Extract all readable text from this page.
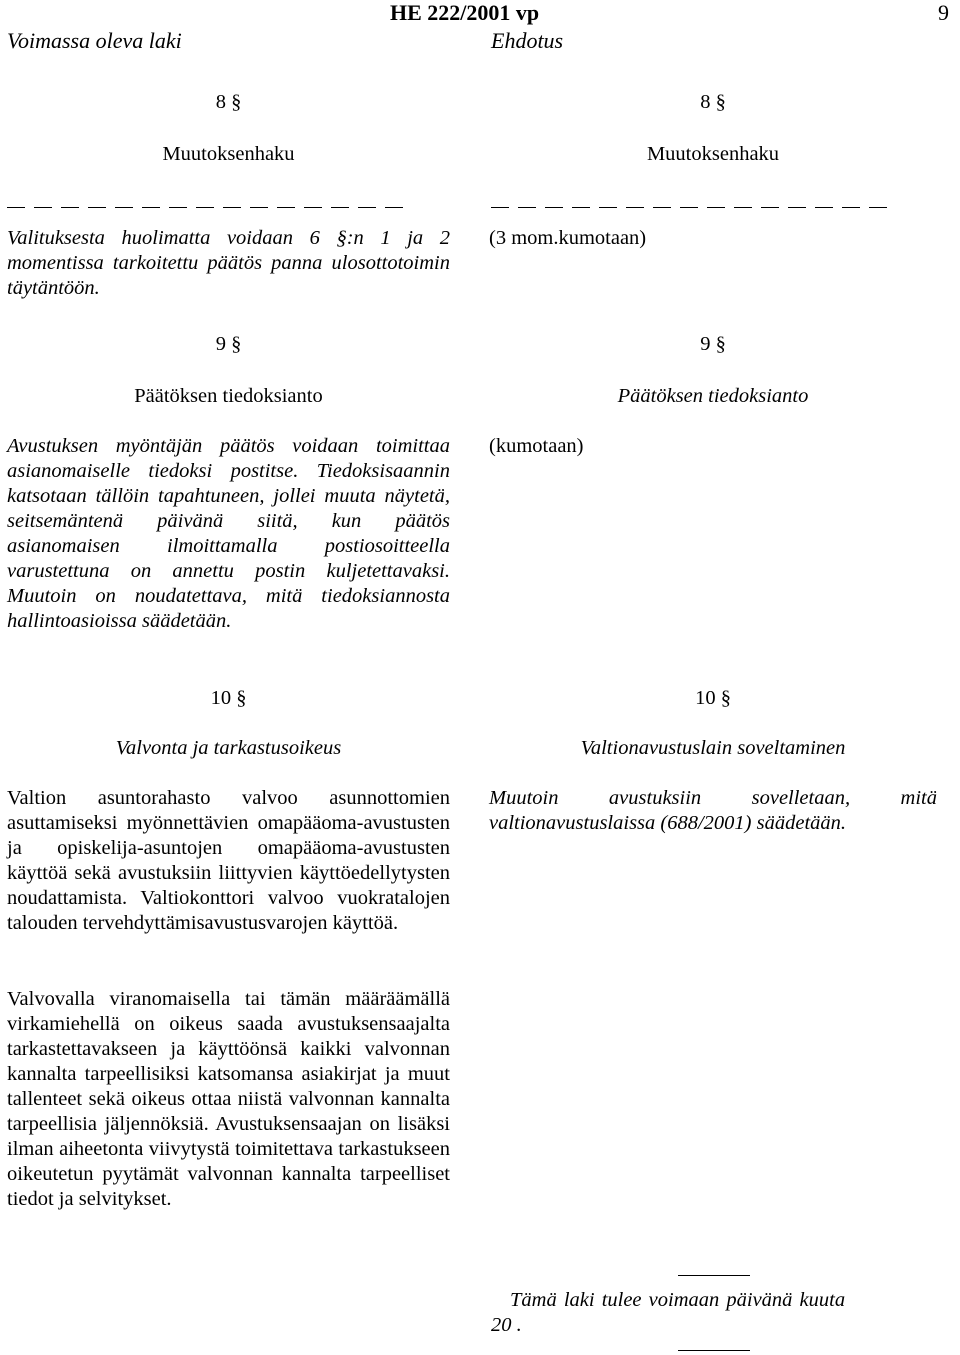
HE 222/2001 vp	9
Voimassa oleva laki	Ehdotus
8 §
Muutoksenhaku

Valituksesta huolimatta voidaan 6 §:n 1 ja 2 momentissa tarkoitettu päätös panna ulosottotoimin täytäntöön.

9 §
Päätöksen tiedoksianto

Avustuksen myöntäjän päätös voidaan toimittaa asianomaiselle tiedoksi postitse. Tiedoksisaannin katsotaan tällöin tapahtuneen, jollei muuta näytetä, seitsemäntenä päivänä siitä, kun päätös asianomaisen ilmoittamalla postiosoitteella varustettuna on annettu postin kuljetettavaksi. Muutoin on noudatettava, mitä tiedoksiannosta hallintoasioissa säädetään.

10 §
Valvonta ja tarkastusoikeus

Valtion asuntorahasto valvoo asunnottomien asuttamiseksi myönnettävien omapääoma-avustusten ja opiskelija-asuntojen omapääoma-avustusten käyttöä sekä avustuksiin liittyvien käyttöedellytysten noudattamista. Valtiokonttori valvoo vuokratalojen talouden tervehdyttämisavustusvarojen käyttöä.

Valvovalla viranomaisella tai tämän määräämällä virkamiehellä on oikeus saada avustuksensaajalta tarkastettavakseen ja käyttöönsä kaikki valvonnan kannalta tarpeellisiksi katsomansa asiakirjat ja muut tallenteet sekä oikeus ottaa niistä valvonnan kannalta tarpeellisia jäljennöksiä. Avustuksensaajan on lisäksi ilman aiheetonta viivytystä toimitettava tarkastukseen oikeutetun pyytämät valvonnan kannalta tarpeelliset tiedot ja selvitykset.

8 §
Muutoksenhaku

(3 mom.kumotaan)

9 §
Päätöksen tiedoksianto

(kumotaan)

10 §
Valtionavustuslain soveltaminen

Muutoin avustuksiin sovelletaan, mitä valtionavustuslaissa (688/2001) säädetään.

Tämä laki tulee voimaan päivänä kuuta

20 .
